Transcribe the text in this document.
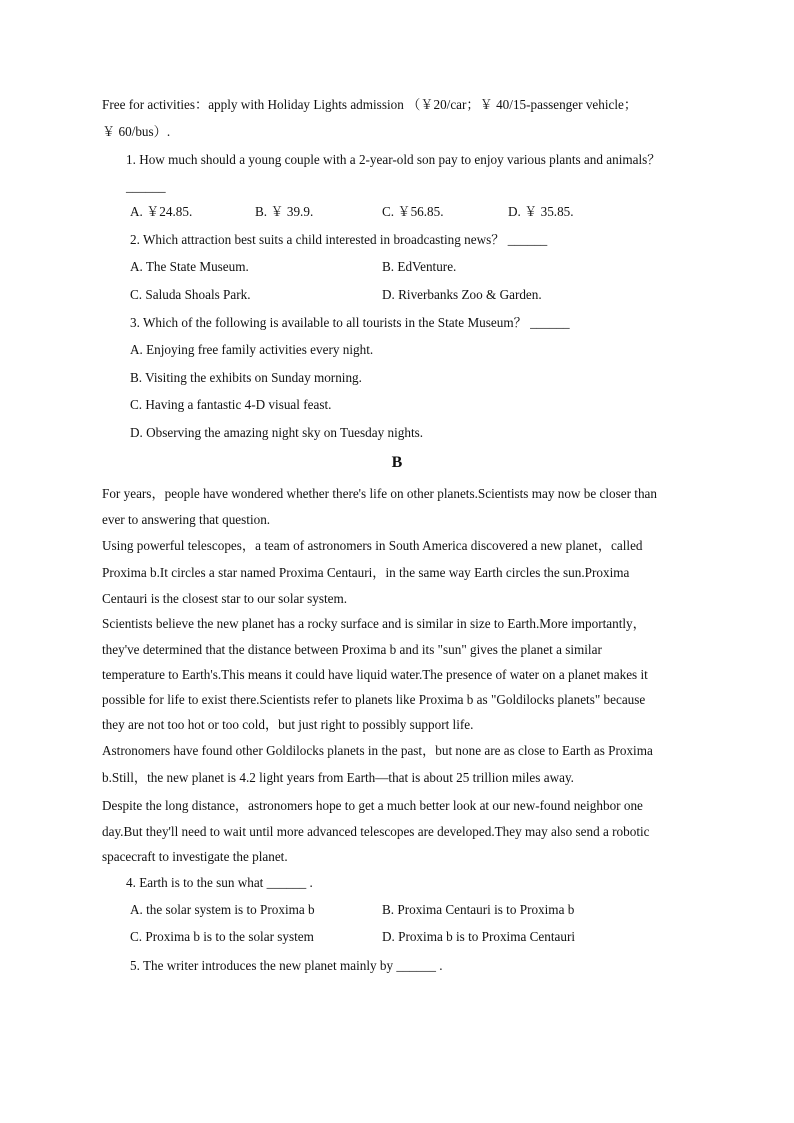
Free for activities：apply with Holiday Lights admission （￥20/car；￥ 40/15-passenger vehicle；
￥ 60/bus）.
1. How much should a young couple with a 2-year-old son pay to enjoy various plants and animals？
______
A. ￥24.85.	B. ￥ 39.9.	C. ￥56.85.	D. ￥ 35.85.
2. Which attraction best suits a child interested in broadcasting news？ ______
A. The State Museum.	B. EdVenture.
C. Saluda Shoals Park.	D. Riverbanks Zoo & Garden.
3. Which of the following is available to all tourists in the State Museum？ ______
A. Enjoying free family activities every night.
B. Visiting the exhibits on Sunday morning.
C. Having a fantastic 4-D visual feast.
D. Observing the amazing night sky on Tuesday nights.
B
For years，people have wondered whether there's life on other planets.Scientists may now be closer than
ever to answering that question.
Using powerful telescopes，a team of astronomers in South America discovered a new planet，called
Proxima b.It circles a star named Proxima Centauri，in the same way Earth circles the sun.Proxima
Centauri is the closest star to our solar system.
Scientists believe the new planet has a rocky surface and is similar in size to Earth.More importantly，
they've determined that the distance between Proxima b and its "sun" gives the planet a similar
temperature to Earth's.This means it could have liquid water.The presence of water on a planet makes it
possible for life to exist there.Scientists refer to planets like Proxima b as "Goldilocks planets" because
they are not too hot or too cold，but just right to possibly support life.
Astronomers have found other Goldilocks planets in the past，but none are as close to Earth as Proxima
b.Still，the new planet is 4.2 light years from Earth—that is about 25 trillion miles away.
Despite the long distance，astronomers hope to get a much better look at our new-found neighbor one
day.But they'll need to wait until more advanced telescopes are developed.They may also send a robotic
spacecraft to investigate the planet.
4. Earth is to the sun what ______ .
A. the solar system is to Proxima b	B. Proxima Centauri is to Proxima b
C. Proxima b is to the solar system	D. Proxima b is to Proxima Centauri
5. The writer introduces the new planet mainly by ______ .
